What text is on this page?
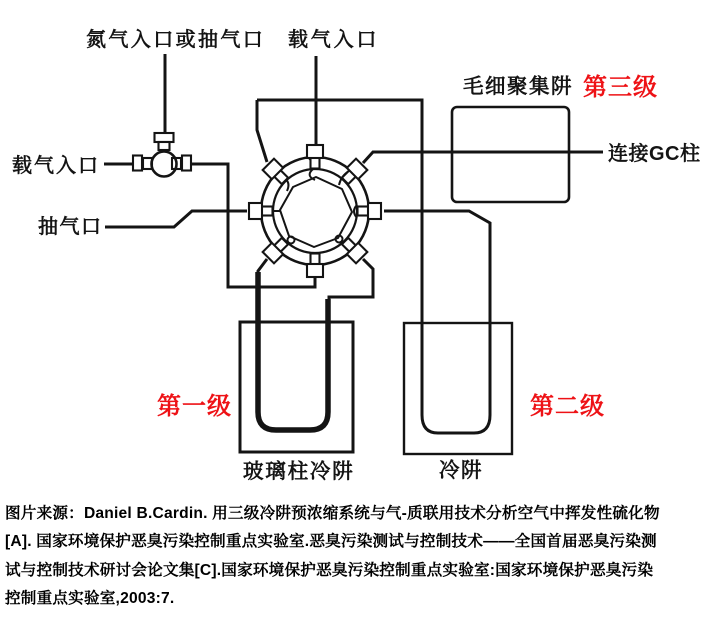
氮气入口或抽气口 载气入口
载气入口
抽气口
毛细聚集阱 第三级
连接GC柱
第一级	第二级
玻璃柱冷阱	冷阱
图片来源：Daniel B.Cardin. 用三级冷阱预浓缩系统与气-质联用技术分析空气中挥发性硫化物
[A]. 国家环境保护恶臭污染控制重点实验室.恶臭污染测试与控制技术——全国首届恶臭污染测
试与控制技术研讨会论文集[C].国家环境保护恶臭污染控制重点实验室:国家环境保护恶臭污染
控制重点实验室,2003:7.
